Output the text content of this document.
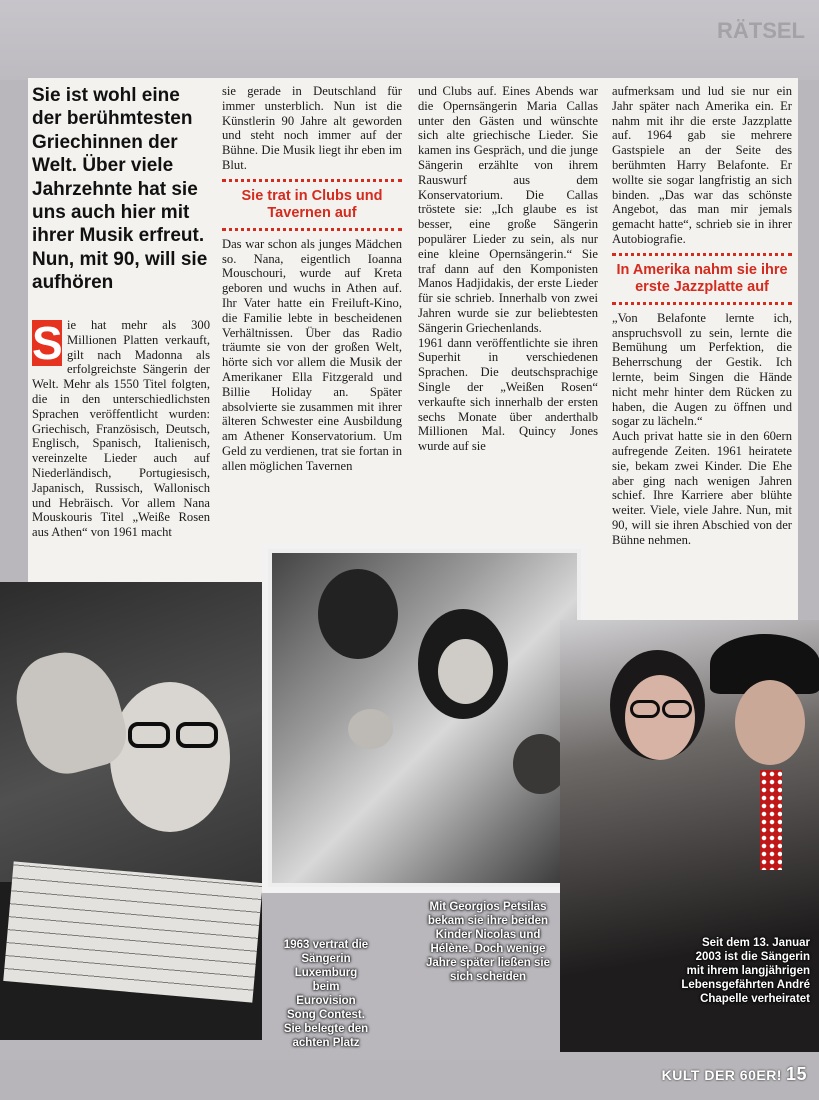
RÄTSEL
Sie ist wohl eine der berühmtesten Griechinnen der Welt. Über viele Jahrzehnte hat sie uns auch hier mit ihrer Musik erfreut. Nun, mit 90, will sie aufhören

S ie hat mehr als 300 Millionen Platten verkauft, gilt nach Madonna als erfolgreichste Sängerin der Welt. Mehr als 1550 Titel folgten, die in den unterschiedlichsten Sprachen veröffentlicht wurden: Griechisch, Französisch, Deutsch, Englisch, Spanisch, Italienisch, vereinzelte Lieder auch auf Niederländisch, Portugiesisch, Japanisch, Russisch, Wallonisch und Hebräisch. Vor allem Nana Mouskouris Titel „Weiße Rosen aus Athen“ von 1961 macht

sie gerade in Deutschland für immer unsterblich. Nun ist die Künstlerin 90 Jahre alt geworden und steht noch immer auf der Bühne. Die Musik liegt ihr eben im Blut.

Sie trat in Clubs und Tavernen auf

Das war schon als junges Mädchen so. Nana, eigentlich Ioanna Mouschouri, wurde auf Kreta geboren und wuchs in Athen auf. Ihr Vater hatte ein Freiluft-Kino, die Familie lebte in bescheidenen Verhältnissen. Über das Radio träumte sie von der großen Welt, hörte sich vor allem die Musik der Amerikaner Ella Fitzgerald und Billie Holiday an. Später absolvierte sie zusammen mit ihrer älteren Schwester eine Ausbildung am Athener Konservatorium. Um Geld zu verdienen, trat sie fortan in allen möglichen Tavernen

und Clubs auf. Eines Abends war die Opernsängerin Maria Callas unter den Gästen und wünschte sich alte griechische Lieder. Sie kamen ins Gespräch, und die junge Sängerin erzählte von ihrem Rauswurf aus dem Konservatorium. Die Callas tröstete sie: „Ich glaube es ist besser, eine große Sängerin populärer Lieder zu sein, als nur eine kleine Opernsängerin.“ Sie traf dann auf den Komponisten Manos Hadjidakis, der erste Lieder für sie schrieb. Innerhalb von zwei Jahren wurde sie zur beliebtesten Sängerin Griechenlands.

1961 dann veröffentlichte sie ihren Superhit in verschiedenen Sprachen. Die deutschsprachige Single der „Weißen Rosen“ verkaufte sich innerhalb der ersten sechs Monate über anderthalb Millionen Mal. Quincy Jones wurde auf sie

aufmerksam und lud sie nur ein Jahr später nach Amerika ein. Er nahm mit ihr die erste Jazzplatte auf. 1964 gab sie mehrere Gastspiele an der Seite des berühmten Harry Belafonte. Er wollte sie sogar langfristig an sich binden. „Das war das schönste Angebot, das man mir jemals gemacht hatte“, schrieb sie in ihrer Autobiografie.

In Amerika nahm sie ihre erste Jazzplatte auf

„Von Belafonte lernte ich, anspruchsvoll zu sein, lernte die Bemühung um Perfektion, die Beherrschung der Gestik. Ich lernte, beim Singen die Hände nicht mehr hinter dem Rücken zu haben, die Augen zu öffnen und sogar zu lächeln.“

Auch privat hatte sie in den 60ern aufregende Zeiten. 1961 heiratete sie, bekam zwei Kinder. Die Ehe aber ging nach wenigen Jahren schief. Ihre Karriere aber blühte weiter. Viele, viele Jahre. Nun, mit 90, will sie ihren Abschied von der Bühne nehmen.

1963 vertrat die Sängerin Luxemburg beim Eurovision Song Contest. Sie belegte den achten Platz
Mit Georgios Petsilas bekam sie ihre beiden Kinder Nicolas und Hélène. Doch wenige Jahre später ließen sie sich scheiden
Seit dem 13. Januar 2003 ist die Sängerin mit ihrem langjährigen Lebensgefährten André Chapelle verheiratet
KULT DER 60ER! 15
